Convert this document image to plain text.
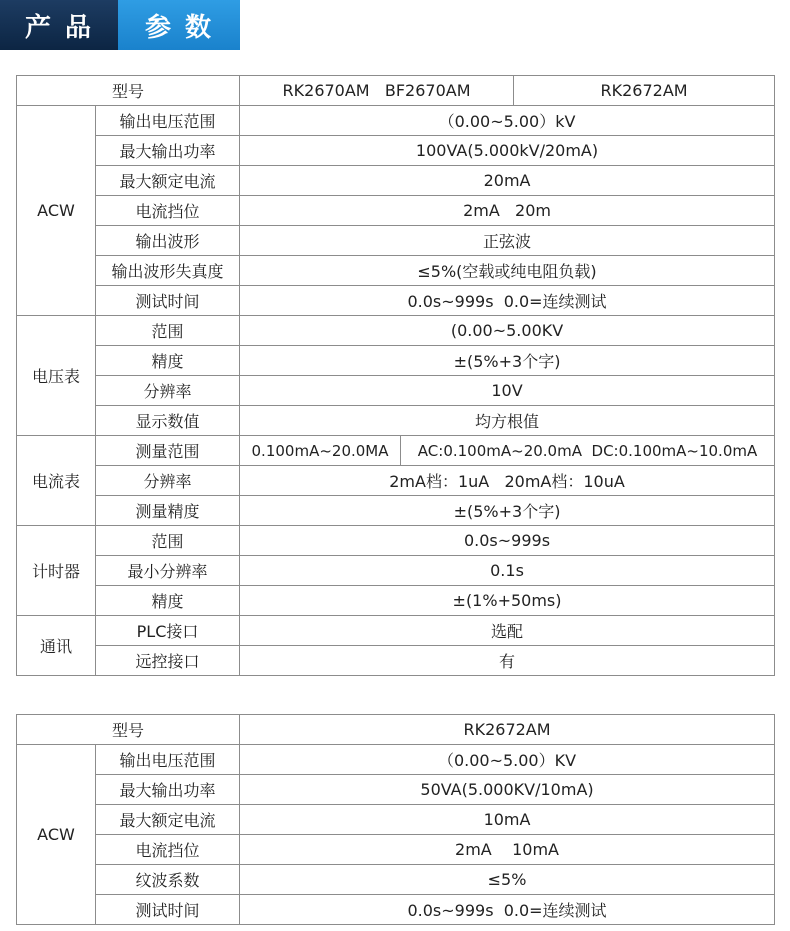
产品	参数
型号		RK2670AM   BF2670AM		RK2672AM
ACW	输出电压范围	（0.00~5.00）kV		
	最大输出功率	100VA(5.000kV/20mA)		
	最大额定电流	20mA		
	电流挡位	2mA   20m		
	输出波形	正弦波		
	输出波形失真度	≤5%(空载或纯电阻负载)		
	测试时间	0.0s~999s  0.0=连续测试		
电压表	范围	(0.00~5.00KV		
	精度	±(5%+3个字)		
	分辨率	10V		
	显示数值	均方根值		
电流表	测量范围	0.100mA~20.0MA	AC:0.100mA~20.0mA  DC:0.100mA~10.0mA	
	分辨率	2mA档：1uA   20mA档：10uA		
	测量精度	±(5%+3个字)		
计时器	范围	0.0s~999s		
	最小分辨率	0.1s		
	精度	±(1%+50ms)		
通讯	PLC接口	选配		
	远控接口	有		
型号		RK2672AM
ACW	输出电压范围	（0.00~5.00）KV
	最大输出功率	50VA(5.000KV/10mA)
	最大额定电流	10mA
	电流挡位	2mA    10mA
	纹波系数	≤5%
	测试时间	0.0s~999s  0.0=连续测试
